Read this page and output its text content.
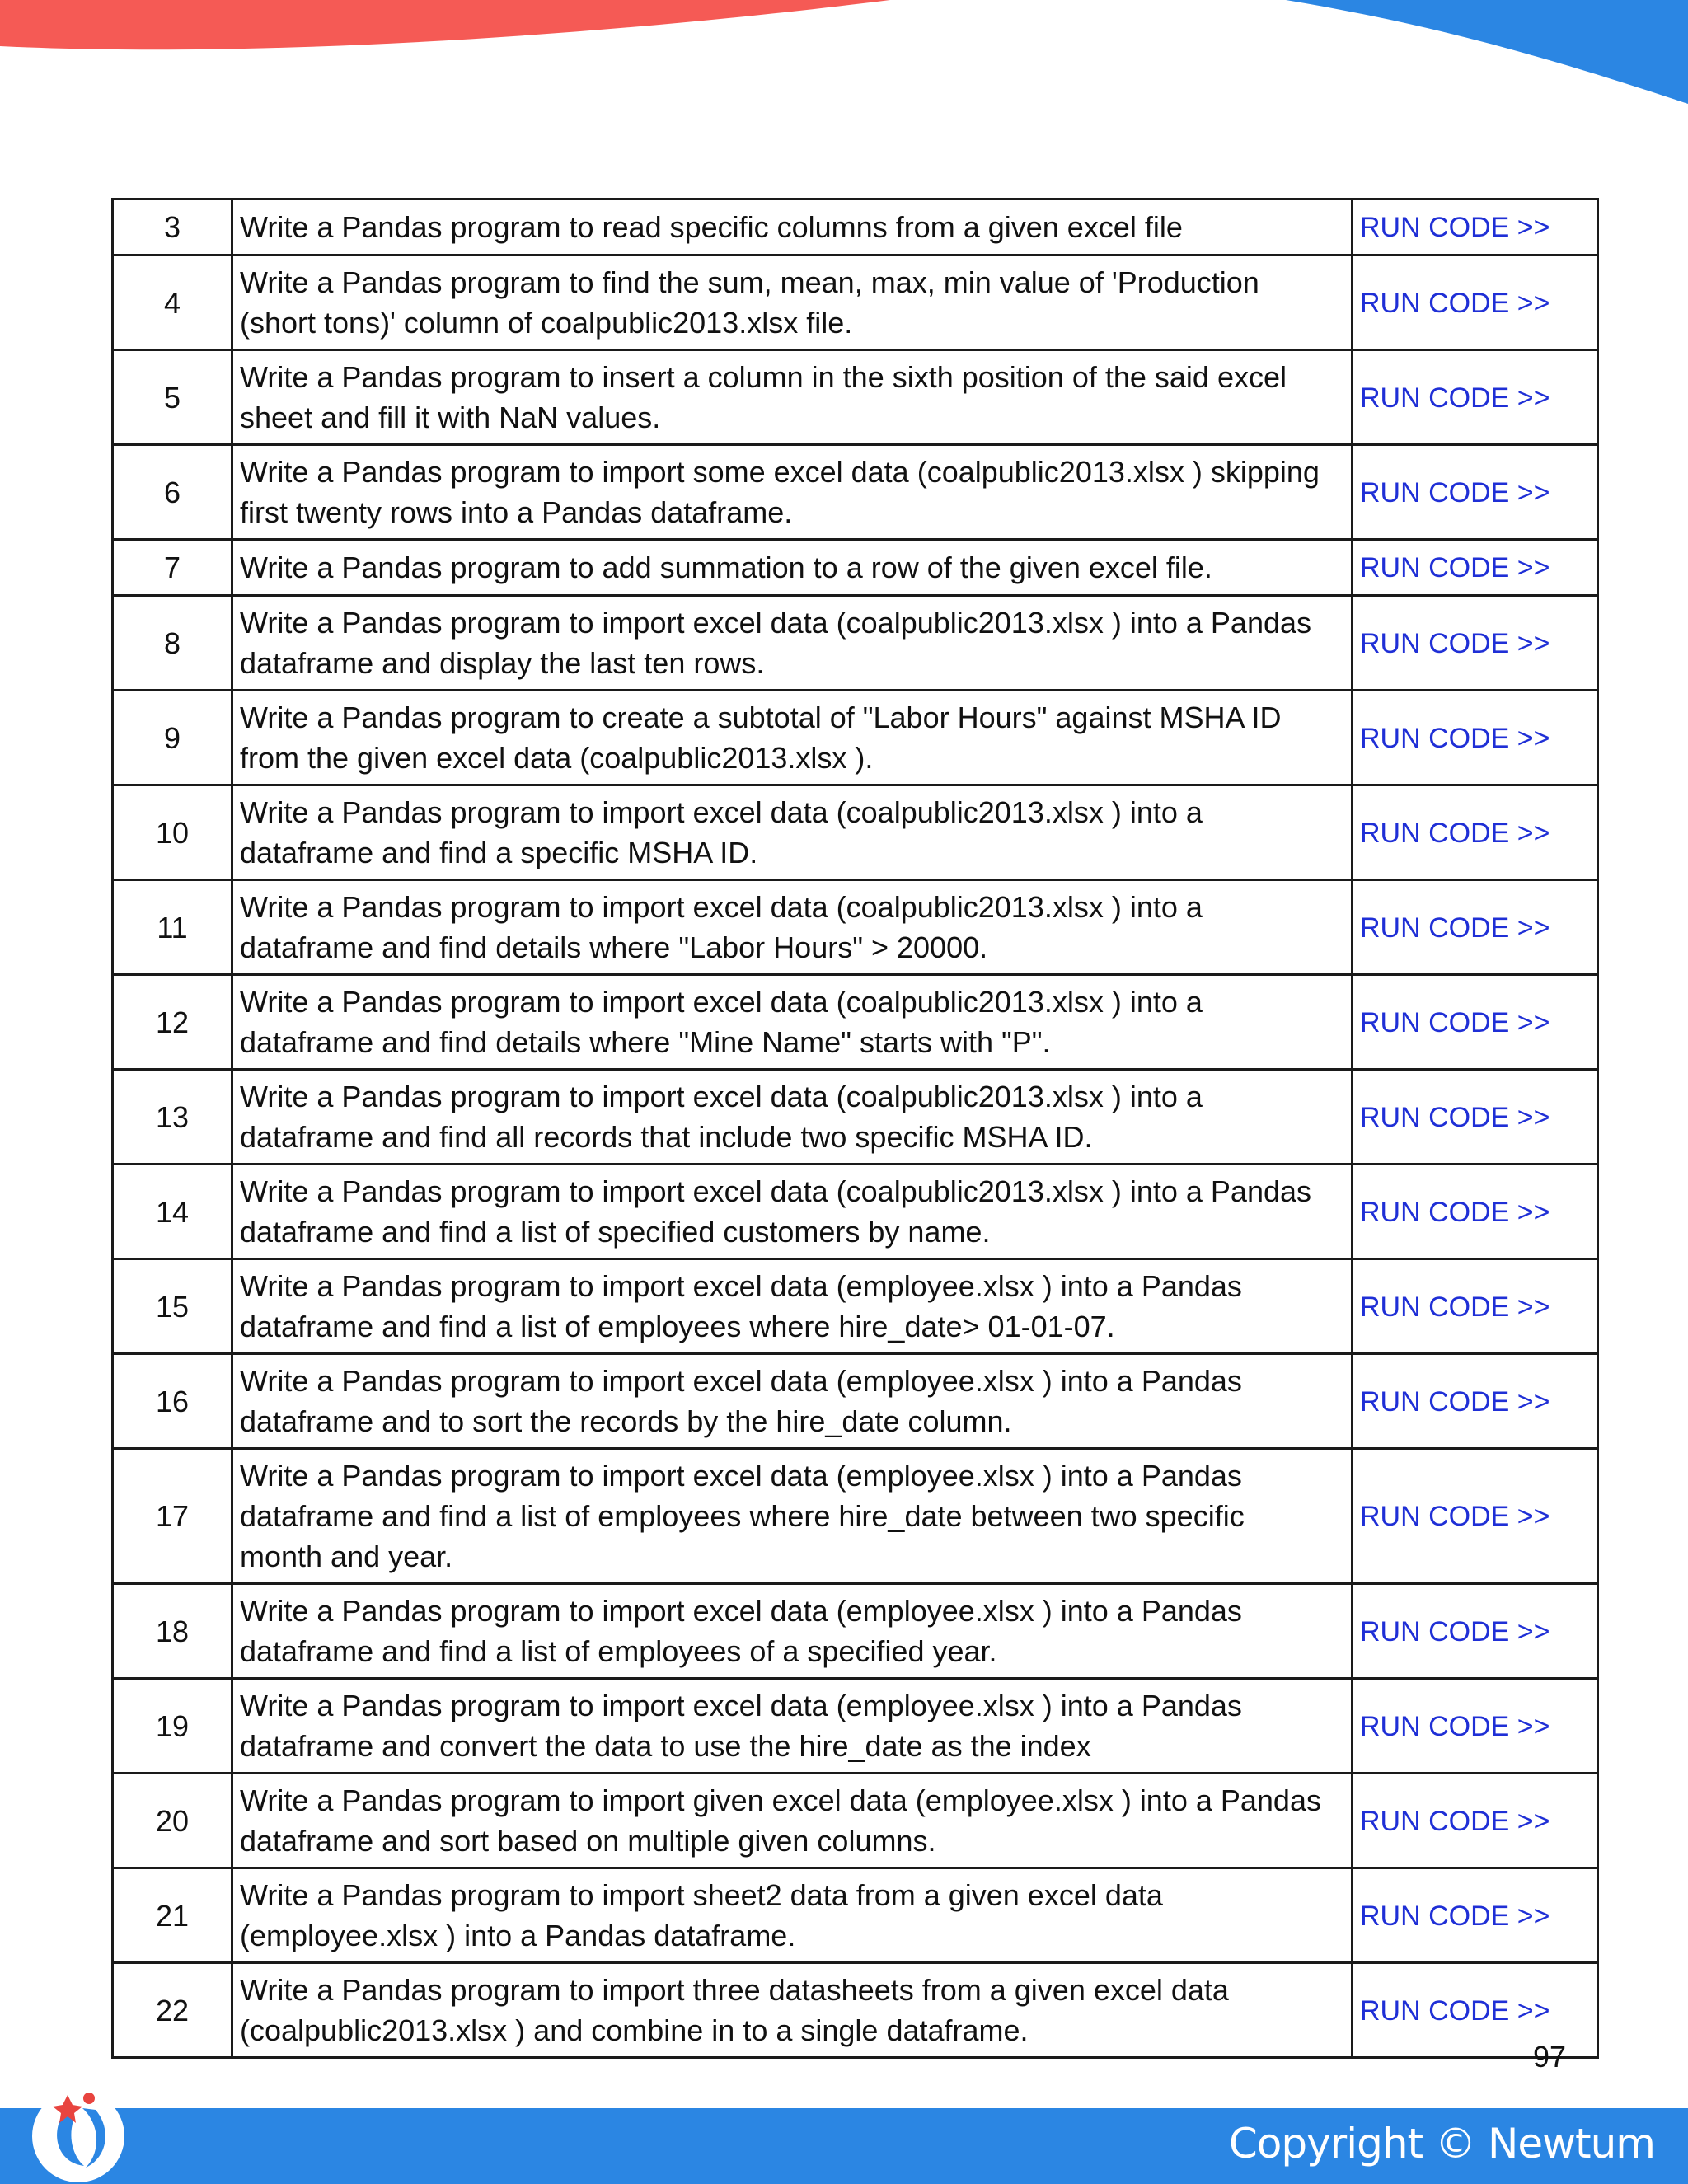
3	Write a Pandas program to read specific columns from a given excel file	RUN CODE >>
4	Write a Pandas program to find the sum, mean, max, min value of 'Production
(short tons)' column of coalpublic2013.xlsx file.	RUN CODE >>
5	Write a Pandas program to insert a column in the sixth position of the said excel
sheet and fill it with NaN values.	RUN CODE >>
6	Write a Pandas program to import some excel data (coalpublic2013.xlsx ) skipping
first twenty rows into a Pandas dataframe.	RUN CODE >>
7	Write a Pandas program to add summation to a row of the given excel file.	RUN CODE >>
8	Write a Pandas program to import excel data (coalpublic2013.xlsx ) into a Pandas
dataframe and display the last ten rows.	RUN CODE >>
9	Write a Pandas program to create a subtotal of "Labor Hours" against MSHA ID
from the given excel data (coalpublic2013.xlsx ).	RUN CODE >>
10	Write a Pandas program to import excel data (coalpublic2013.xlsx ) into a
dataframe and find a specific MSHA ID.	RUN CODE >>
11	Write a Pandas program to import excel data (coalpublic2013.xlsx ) into a
dataframe and find details where "Labor Hours" > 20000.	RUN CODE >>
12	Write a Pandas program to import excel data (coalpublic2013.xlsx ) into a
dataframe and find details where "Mine Name" starts with "P".	RUN CODE >>
13	Write a Pandas program to import excel data (coalpublic2013.xlsx ) into a
dataframe and find all records that include two specific MSHA ID.	RUN CODE >>
14	Write a Pandas program to import excel data (coalpublic2013.xlsx ) into a Pandas
dataframe and find a list of specified customers by name.	RUN CODE >>
15	Write a Pandas program to import excel data (employee.xlsx ) into a Pandas
dataframe and find a list of employees where hire_date> 01-01-07.	RUN CODE >>
16	Write a Pandas program to import excel data (employee.xlsx ) into a Pandas
dataframe and to sort the records by the hire_date column.	RUN CODE >>
17	Write a Pandas program to import excel data (employee.xlsx ) into a Pandas
dataframe and find a list of employees where hire_date between two specific
month and year.	RUN CODE >>
18	Write a Pandas program to import excel data (employee.xlsx ) into a Pandas
dataframe and find a list of employees of a specified year.	RUN CODE >>
19	Write a Pandas program to import excel data (employee.xlsx ) into a Pandas
dataframe and convert the data to use the hire_date as the index	RUN CODE >>
20	Write a Pandas program to import given excel data (employee.xlsx ) into a Pandas
dataframe and sort based on multiple given columns.	RUN CODE >>
21	Write a Pandas program to import sheet2 data from a given excel data
(employee.xlsx ) into a Pandas dataframe.	RUN CODE >>
22	Write a Pandas program to import three datasheets from a given excel data
(coalpublic2013.xlsx ) and combine in to a single dataframe.	RUN CODE >>
97
Copyright © Newtum
